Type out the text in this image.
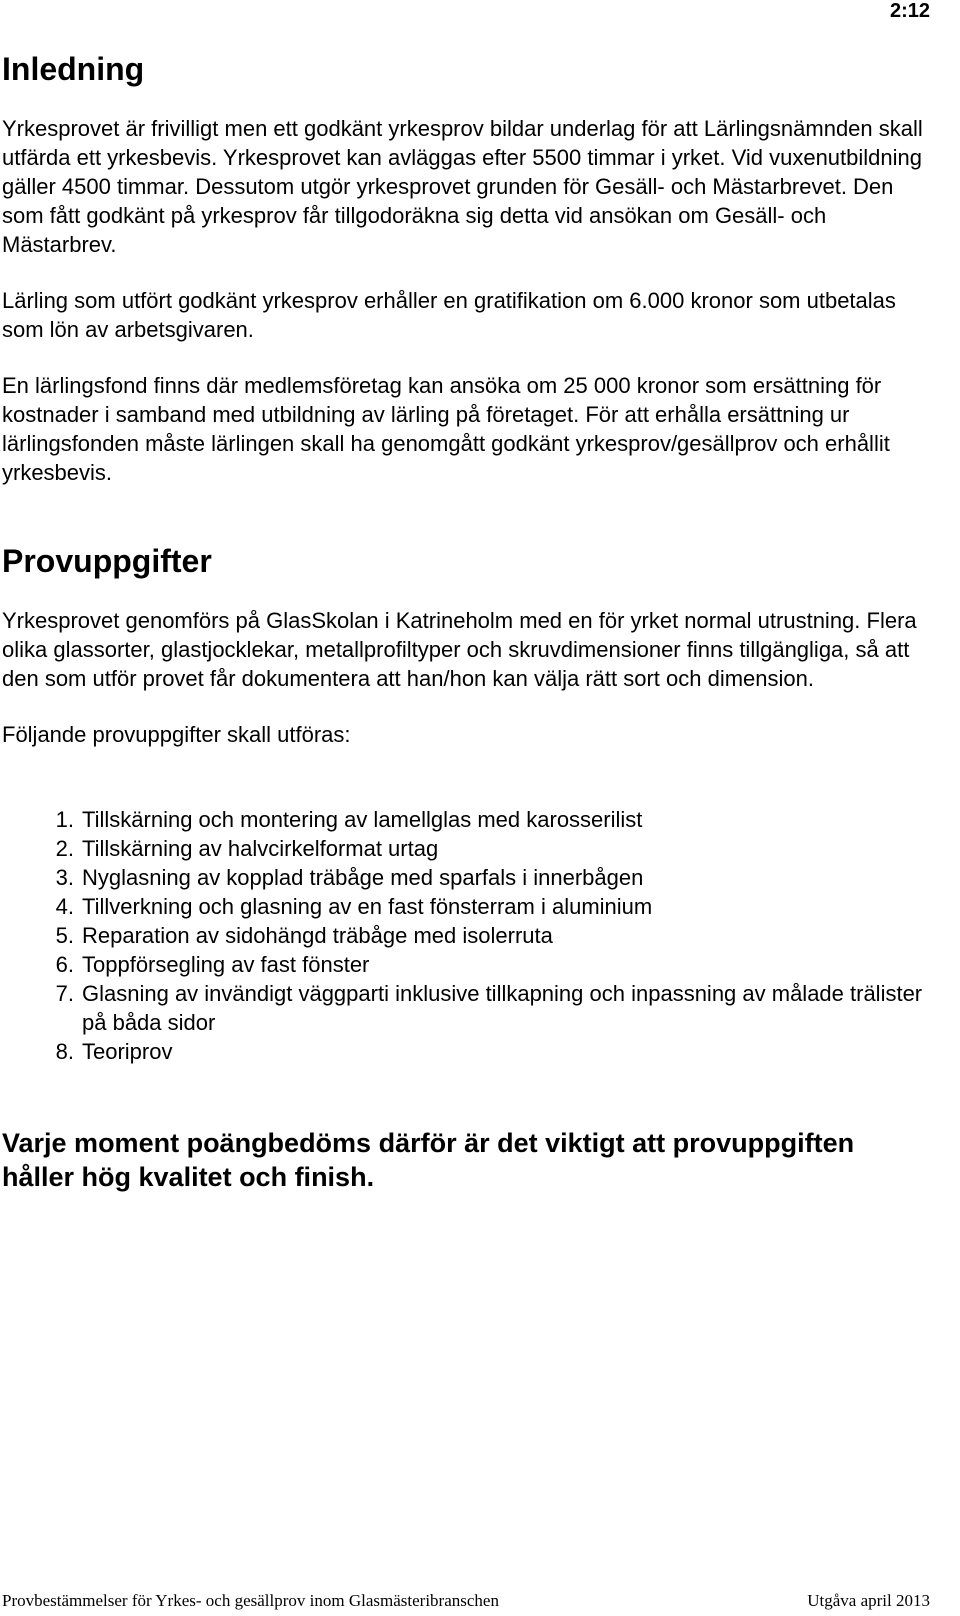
2:12
Inledning

Yrkesprovet är frivilligt men ett godkänt yrkesprov bildar underlag för att Lärlingsnämnden skall utfärda ett yrkesbevis. Yrkesprovet kan avläggas efter 5500 timmar i yrket. Vid vuxenutbildning gäller 4500 timmar. Dessutom utgör yrkesprovet grunden för Gesäll- och Mästarbrevet. Den som fått godkänt på yrkesprov får tillgodoräkna sig detta vid ansökan om Gesäll- och Mästarbrev.

Lärling som utfört godkänt yrkesprov erhåller en gratifikation om 6.000 kronor som utbetalas som lön av arbetsgivaren.

En lärlingsfond finns där medlemsföretag kan ansöka om 25 000 kronor som ersättning för kostnader i samband med utbildning av lärling på företaget. För att erhålla ersättning ur lärlingsfonden måste lärlingen skall ha genomgått godkänt yrkesprov/gesällprov och erhållit yrkesbevis.

Provuppgifter

Yrkesprovet genomförs på GlasSkolan i Katrineholm med en för yrket normal utrustning. Flera olika glassorter, glastjocklekar, metallprofiltyper och skruvdimensioner finns tillgängliga, så att den som utför provet får dokumentera att han/hon kan välja rätt sort och dimension.

Följande provuppgifter skall utföras:

1. Tillskärning och montering av lamellglas med karosserilist
2. Tillskärning av halvcirkelformat urtag
3. Nyglasning av kopplad träbåge med sparfals i innerbågen
4. Tillverkning och glasning av en fast fönsterram i aluminium
5. Reparation av sidohängd träbåge med isolerruta
6. Toppförsegling av fast fönster
7. Glasning av invändigt väggparti inklusive tillkapning och inpassning av målade trälister på båda sidor
8. Teoriprov

Varje moment poängbedöms därför är det viktigt att provuppgiften håller hög kvalitet och finish.

Provbestämmelser för Yrkes- och gesällprov inom Glasmästeribranschen	Utgåva april 2013
